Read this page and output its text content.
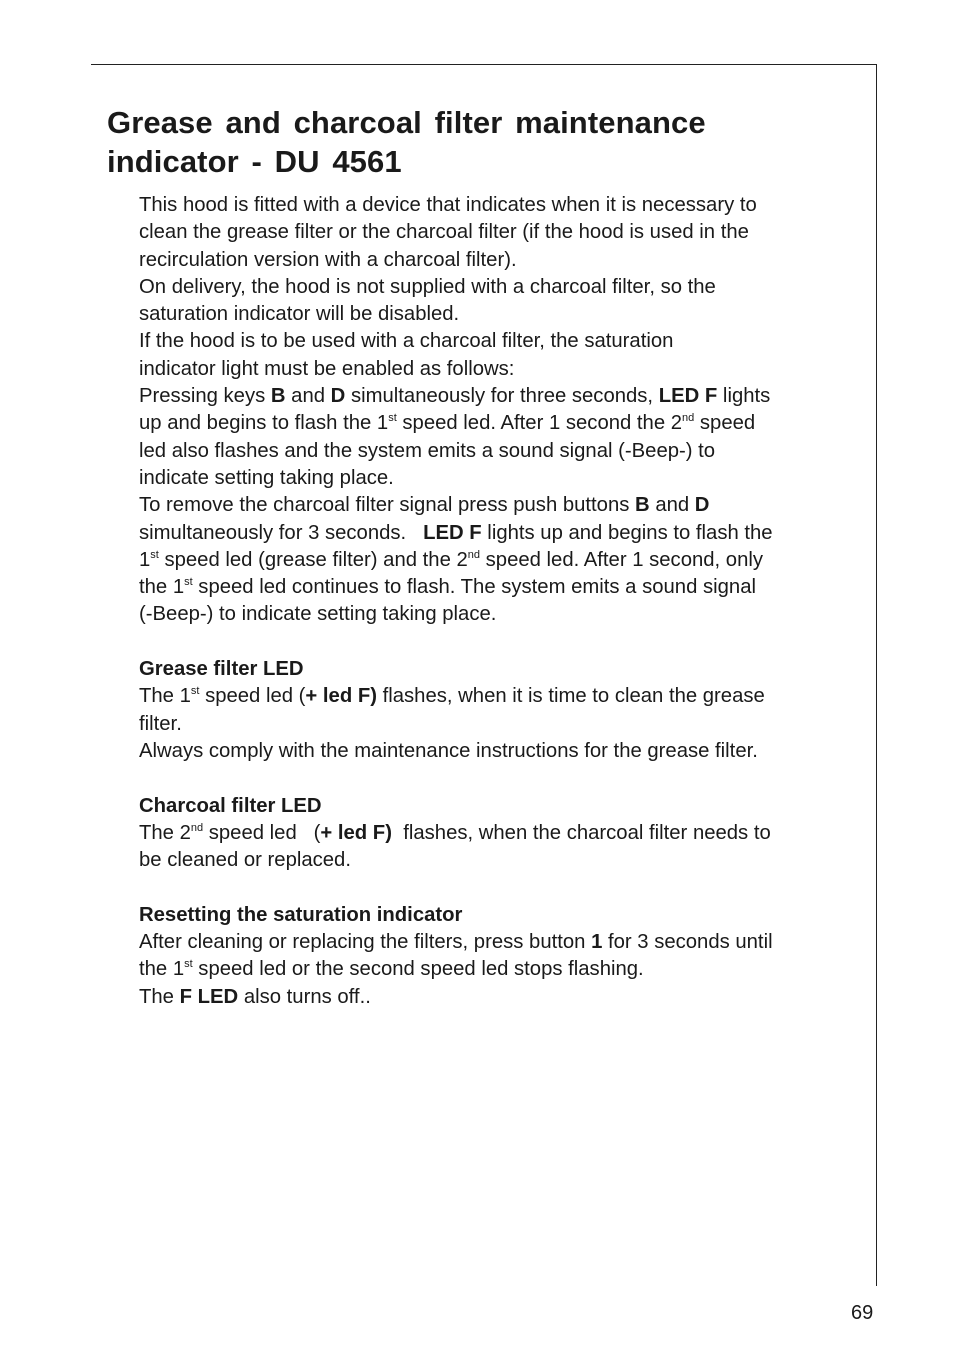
Grease and charcoal filter maintenance
indicator - DU 4561

This hood is fitted with a device that indicates when it is necessary to

clean the grease filter or the charcoal filter (if the hood is used in the

recirculation version with a charcoal filter).

On delivery, the hood is not supplied with a charcoal filter, so the

saturation indicator will be disabled.

If the hood is to be used with a charcoal filter, the saturation

indicator light must be enabled as follows:

Pressing keys B and D simultaneously for three seconds, LED F lights

up and begins to flash the 1st speed led. After 1 second the 2nd speed

led also flashes and the system emits a sound signal (-Beep-) to

indicate setting taking place.

To remove the charcoal filter signal press push buttons B and D

simultaneously for 3 seconds.   LED F lights up and begins to flash the

1st speed led (grease filter) and the 2nd speed led. After 1 second, only

the 1st speed led continues to flash. The system emits a sound signal

(-Beep-) to indicate setting taking place.

Grease filter LED

The 1st speed led (+ led F) flashes, when it is time to clean the grease

filter.

Always comply with the maintenance instructions for the grease filter.

Charcoal filter LED

The 2nd speed led   (+ led F)  flashes, when the charcoal filter needs to

be cleaned or replaced.

Resetting the saturation indicator

After cleaning or replacing the filters, press button 1 for 3 seconds until

the 1st speed led or the second speed led stops flashing.

The F LED also turns off..

69
